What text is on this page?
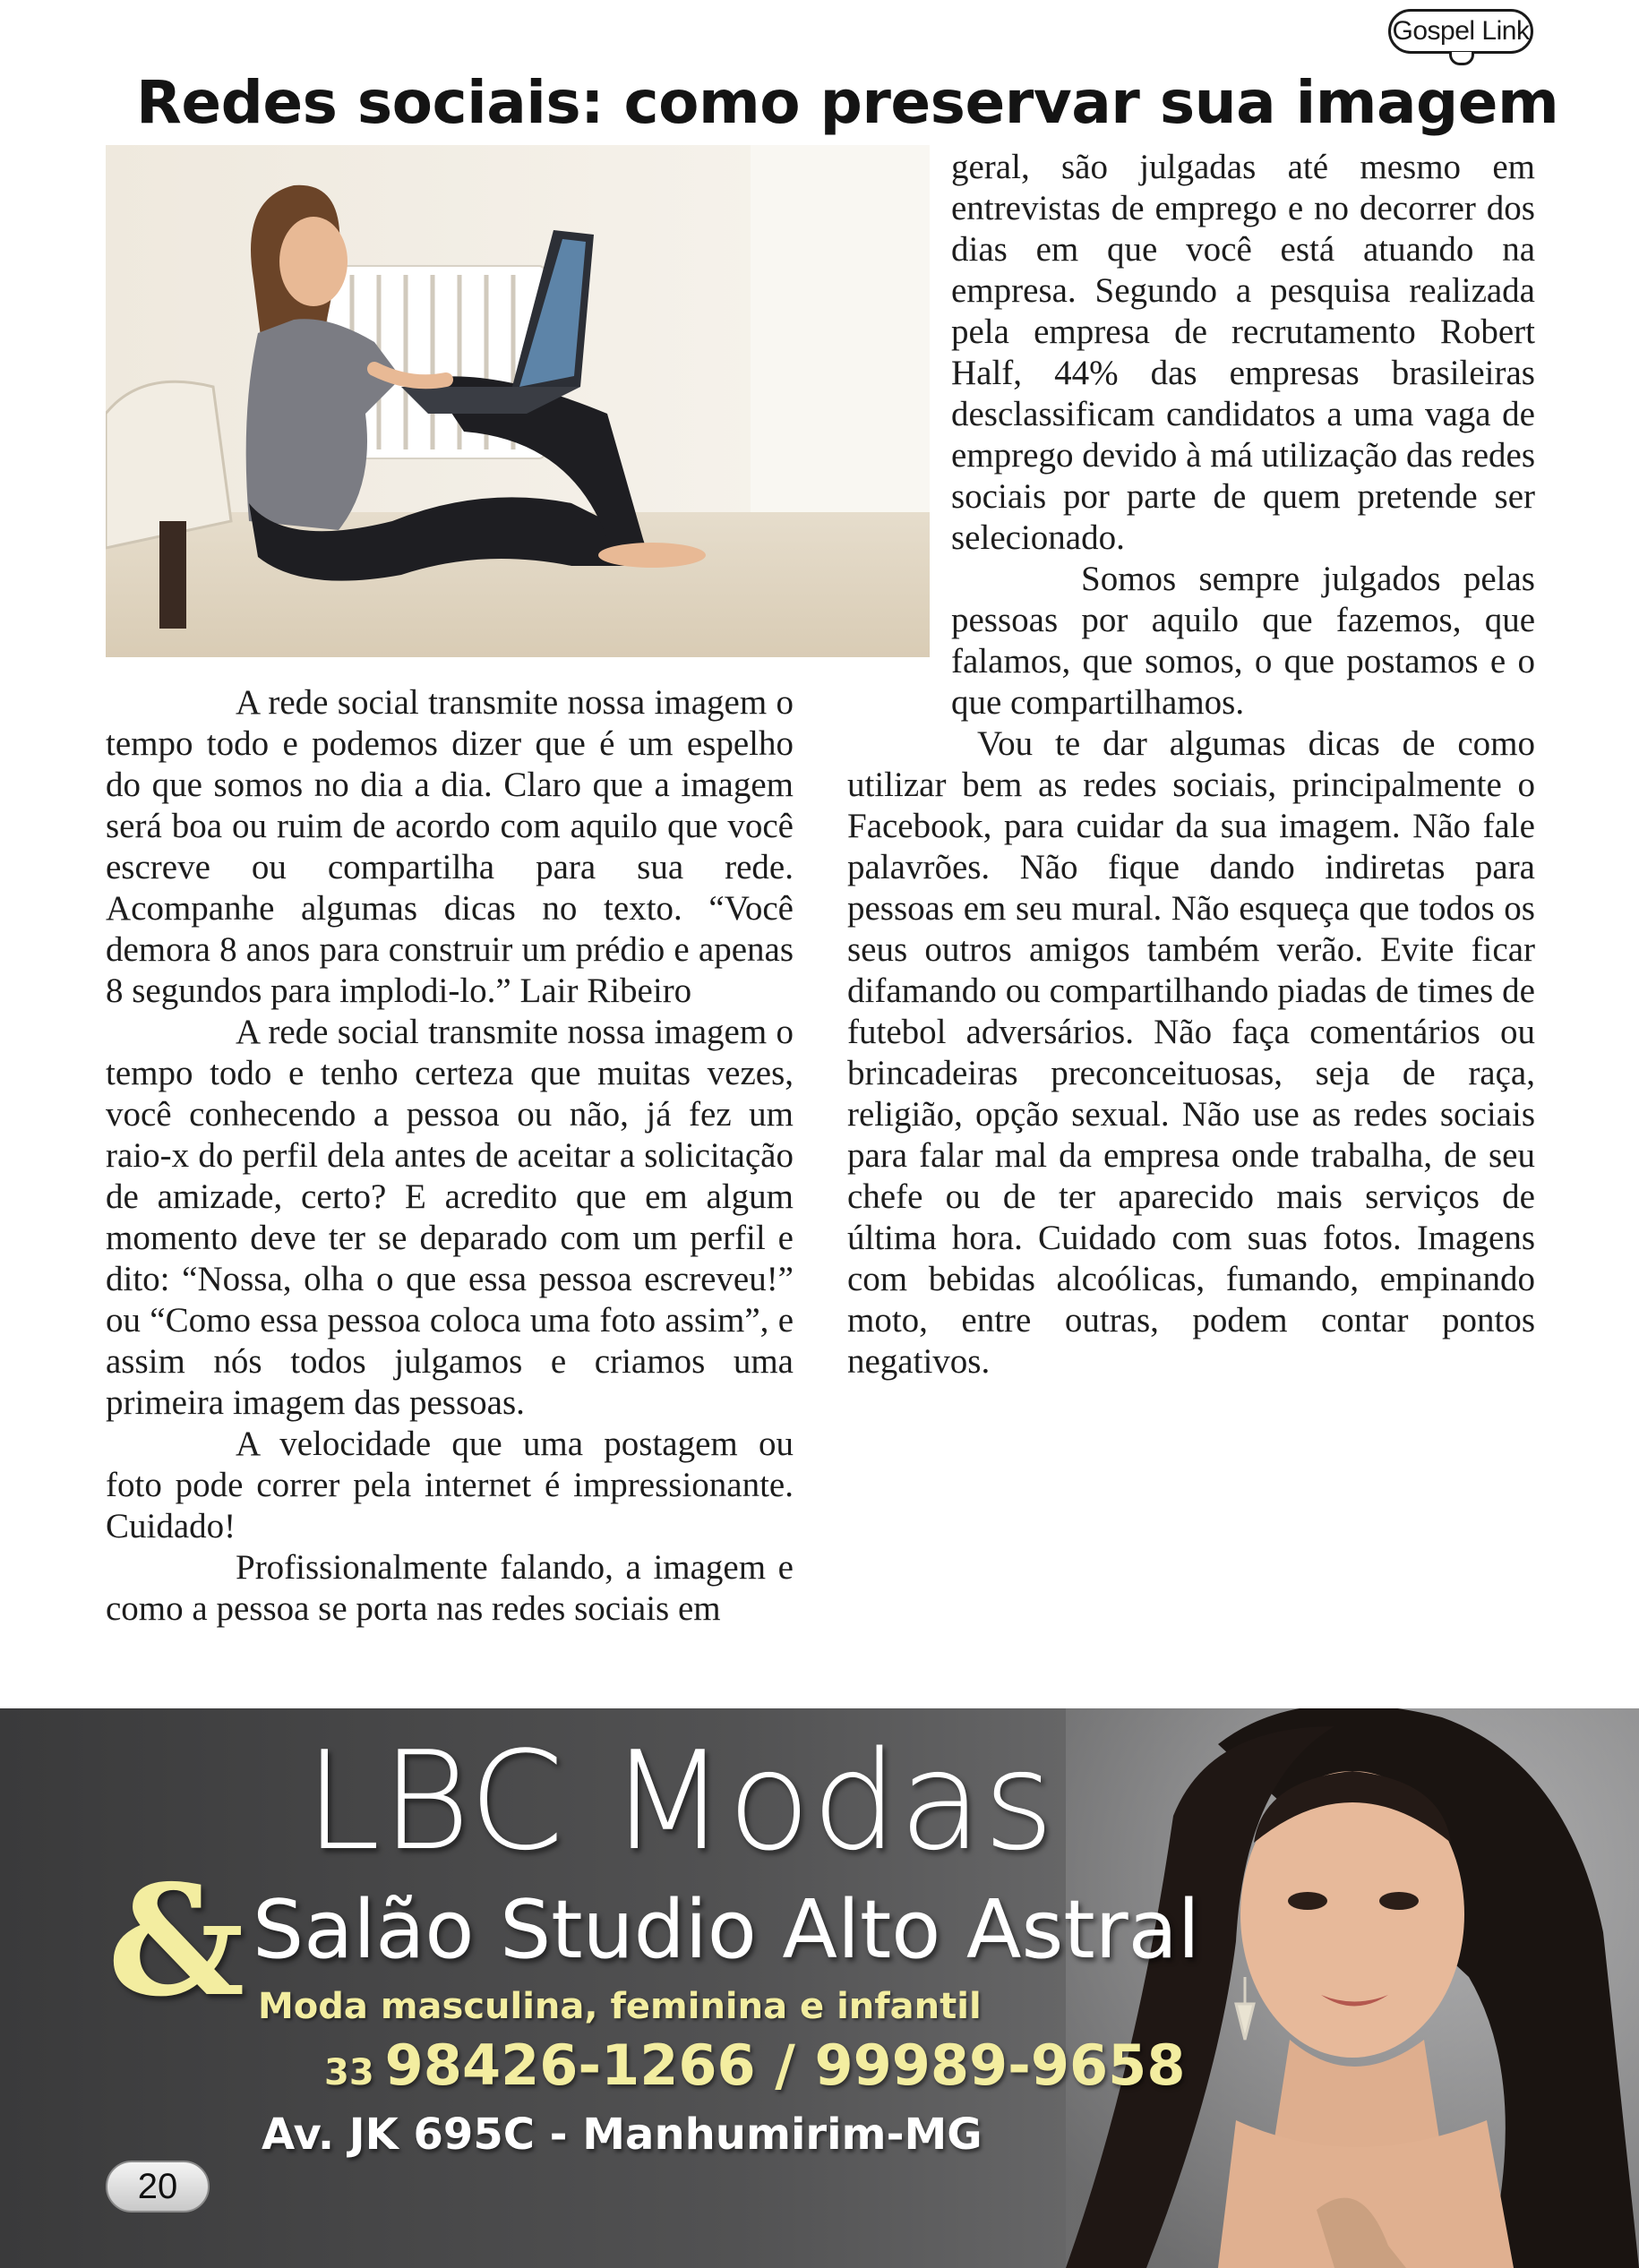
Gospel Link
Redes sociais: como preservar sua imagem

A rede social transmite nossa imagem o tempo todo e podemos dizer que é um espelho do que somos no dia a dia. Claro que a imagem será boa ou ruim de acordo com aquilo que você escreve ou compartilha para sua rede. Acompanhe algumas dicas no texto. “Você demora 8 anos para construir um prédio e apenas 8 segundos para implodi-lo.” Lair Ribeiro

A rede social transmite nossa imagem o tempo todo e tenho certeza que muitas vezes, você conhecendo a pessoa ou não, já fez um raio-x do perfil dela antes de aceitar a solicitação de amizade, certo? E acredito que em algum momento deve ter se deparado com um perfil e dito: “Nossa, olha o que essa pessoa escreveu!” ou “Como essa pessoa coloca uma foto assim”, e assim nós todos julgamos e criamos uma primeira imagem das pessoas.

A velocidade que uma postagem ou foto pode correr pela internet é impressionante. Cuidado!

Profissionalmente falando, a imagem e como a pessoa se porta nas redes sociais em

geral, são julgadas até mesmo em entrevistas de emprego e no decorrer dos dias em que você está atuando na empresa. Segundo a pesquisa realizada pela empresa de recrutamento Robert Half, 44% das empresas brasileiras desclassificam candidatos a uma vaga de emprego devido à má utilização das redes sociais por parte de quem pretende ser selecionado.

Somos sempre julgados pelas pessoas por aquilo que fazemos, que falamos, que somos, o que postamos e o que compartilhamos.

Vou te dar algumas dicas de como utilizar bem as redes sociais, principalmente o Facebook, para cuidar da sua imagem. Não fale palavrões. Não fique dando indiretas para pessoas em seu mural. Não esqueça que todos os seus outros amigos também verão. Evite ficar difamando ou compartilhando piadas de times de futebol adversários. Não faça comentários ou brincadeiras preconceituosas, seja de raça, religião, opção sexual. Não use as redes sociais para falar mal da empresa onde trabalha, de seu chefe ou de ter aparecido mais serviços de última hora. Cuidado com suas fotos. Imagens com bebidas alcoólicas, fumando, empinando moto, entre outras, podem contar pontos negativos.

LBC Modas
& Salão Studio Alto Astral
Moda masculina, feminina e infantil
33 98426-1266 / 99989-9658
Av. JK 695C - Manhumirim-MG
20
